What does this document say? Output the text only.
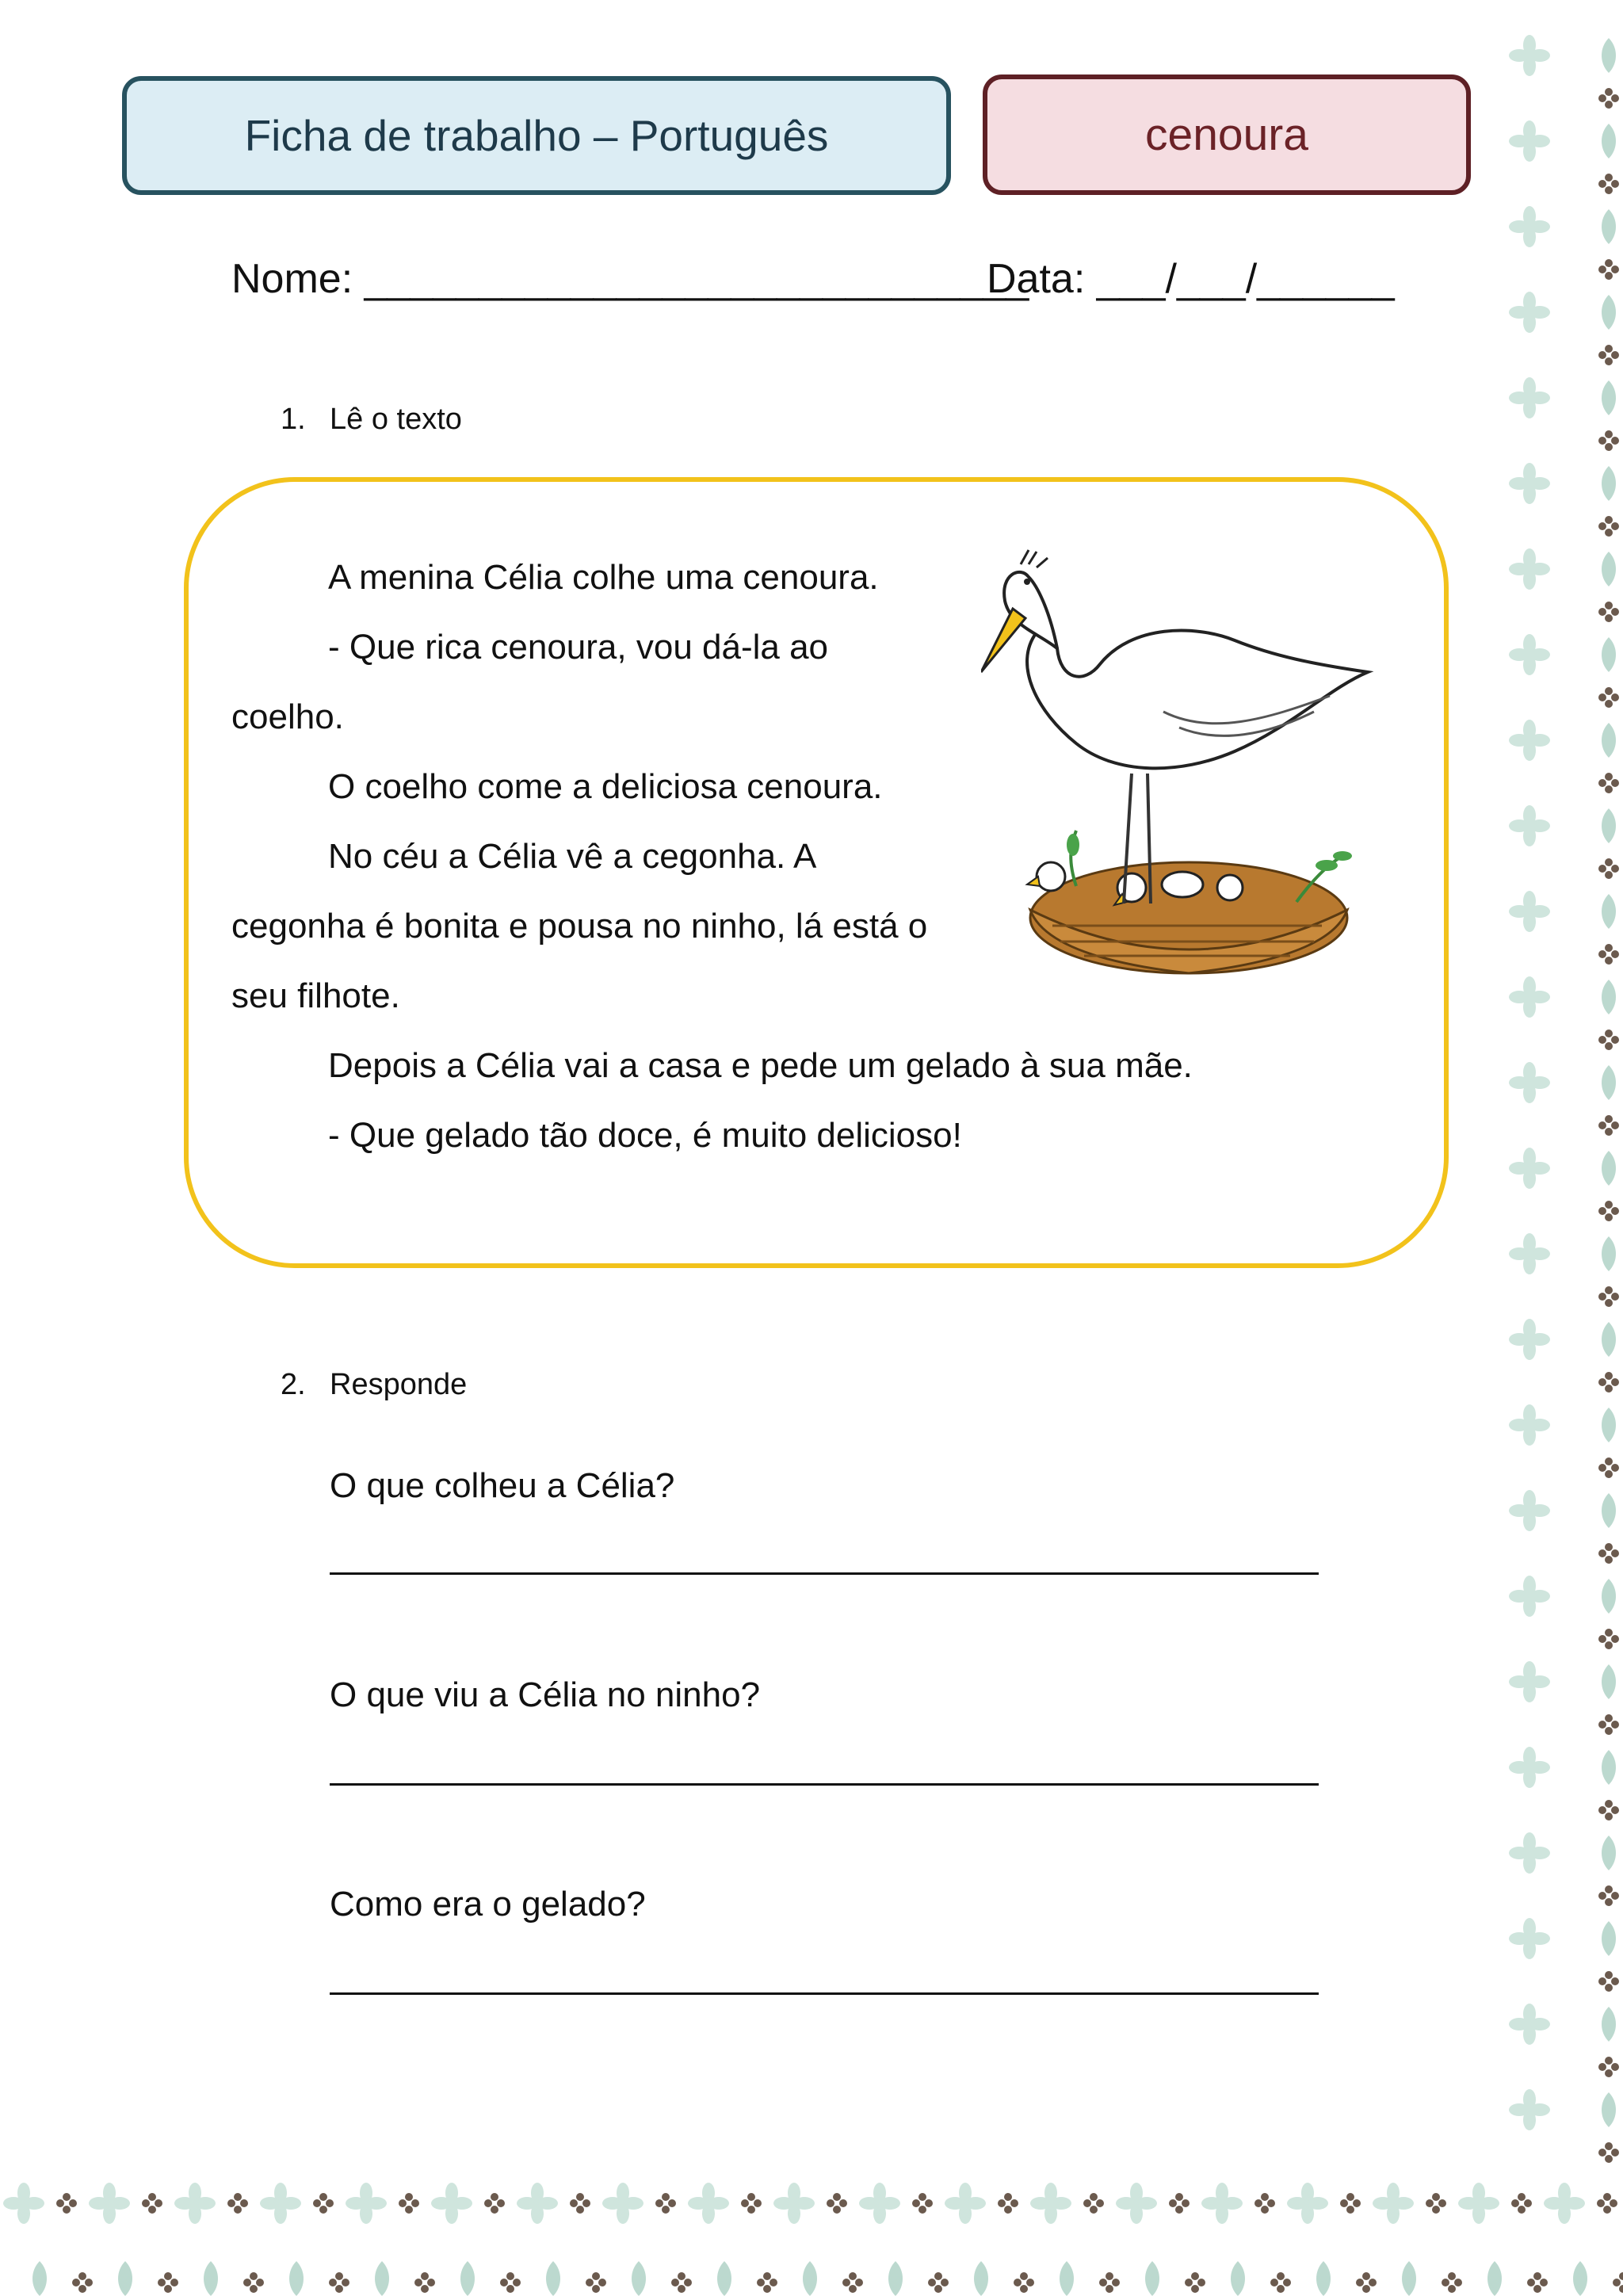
Ficha de trabalho – Português	cenoura
Nome: _____________________________
Data: ___/___/______
1. Lê o texto
A menina Célia colhe uma cenoura.
- Que rica cenoura, vou dá-la ao
coelho.
O coelho come a deliciosa cenoura.
No céu a Célia vê a cegonha. A
cegonha é bonita e pousa no ninho, lá está o
seu filhote.
Depois a Célia vai a casa e pede um gelado à sua mãe.
- Que gelado tão doce, é muito delicioso!
2. Responde
O que colheu a Célia?
O que viu a Célia no ninho?
Como era o gelado?
